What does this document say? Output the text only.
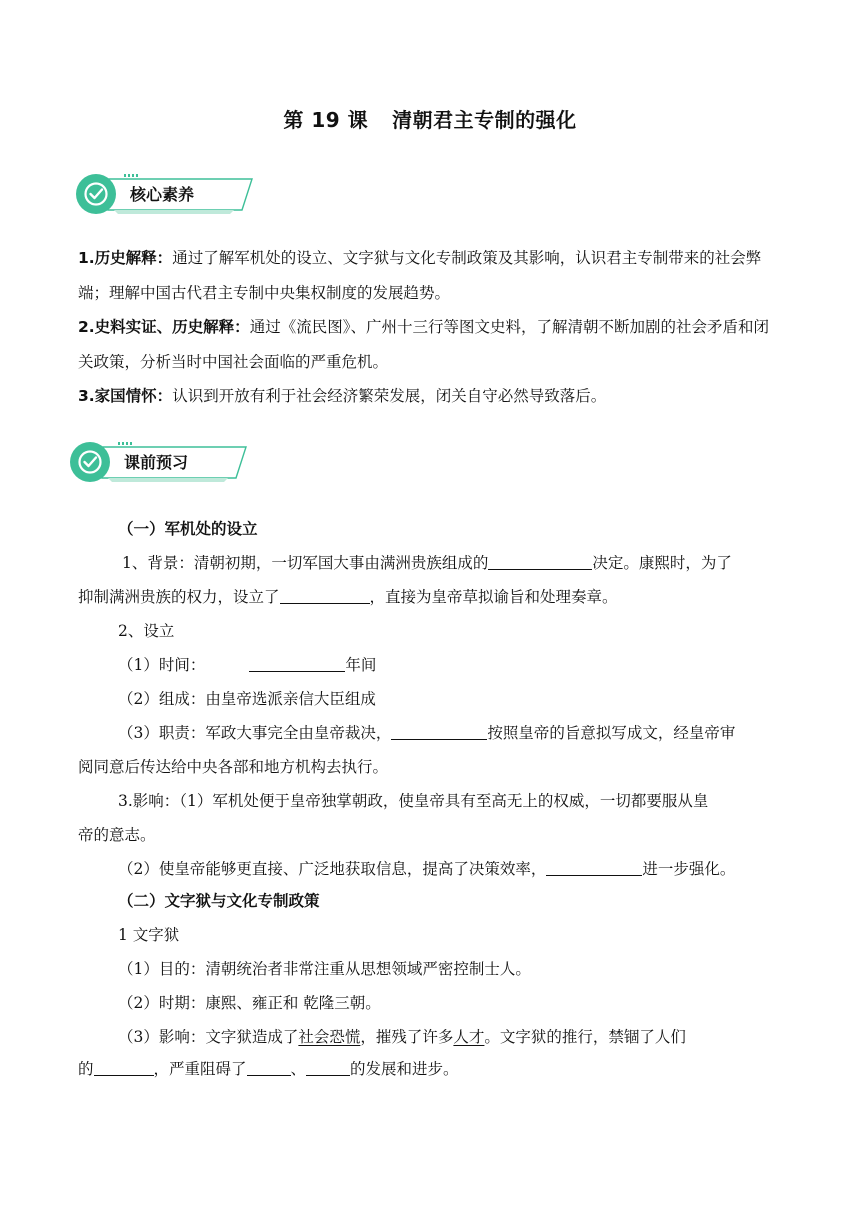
第 19 课 清朝君主专制的强化
核心素养
1.历史解释：通过了解军机处的设立、文字狱与文化专制政策及其影响，认识君主专制带来的社会弊端；理解中国古代君主专制中央集权制度的发展趋势。
2.史料实证、历史解释：通过《流民图》、广州十三行等图文史料，了解清朝不断加剧的社会矛盾和闭关政策，分析当时中国社会面临的严重危机。
3.家国情怀：认识到开放有利于社会经济繁荣发展，闭关自守必然导致落后。
课前预习
（一）军机处的设立
1、背景：清朝初期，一切军国大事由满洲贵族组成的	决定。康熙时，为了
抑制满洲贵族的权力，设立了	，直接为皇帝草拟谕旨和处理奏章。
2、设立
（1）时间：	年间
（2）组成：由皇帝选派亲信大臣组成
（3）职责：军政大事完全由皇帝裁决，	按照皇帝的旨意拟写成文，经皇帝审
阅同意后传达给中央各部和地方机构去执行。
3.影响：（1）军机处便于皇帝独掌朝政，使皇帝具有至高无上的权威，一切都要服从皇
帝的意志。
（2）使皇帝能够更直接、广泛地获取信息，提高了决策效率，	进一步强化。
（二）文字狱与文化专制政策
1 文字狱
（1）目的：清朝统治者非常注重从思想领域严密控制士人。
（2）时期：康熙、雍正和 乾隆三朝。
（3）影响：文字狱造成了社会恐慌，摧残了许多人才。文字狱的推行，禁锢了人们
的	，严重阻碍了	、	的发展和进步。
